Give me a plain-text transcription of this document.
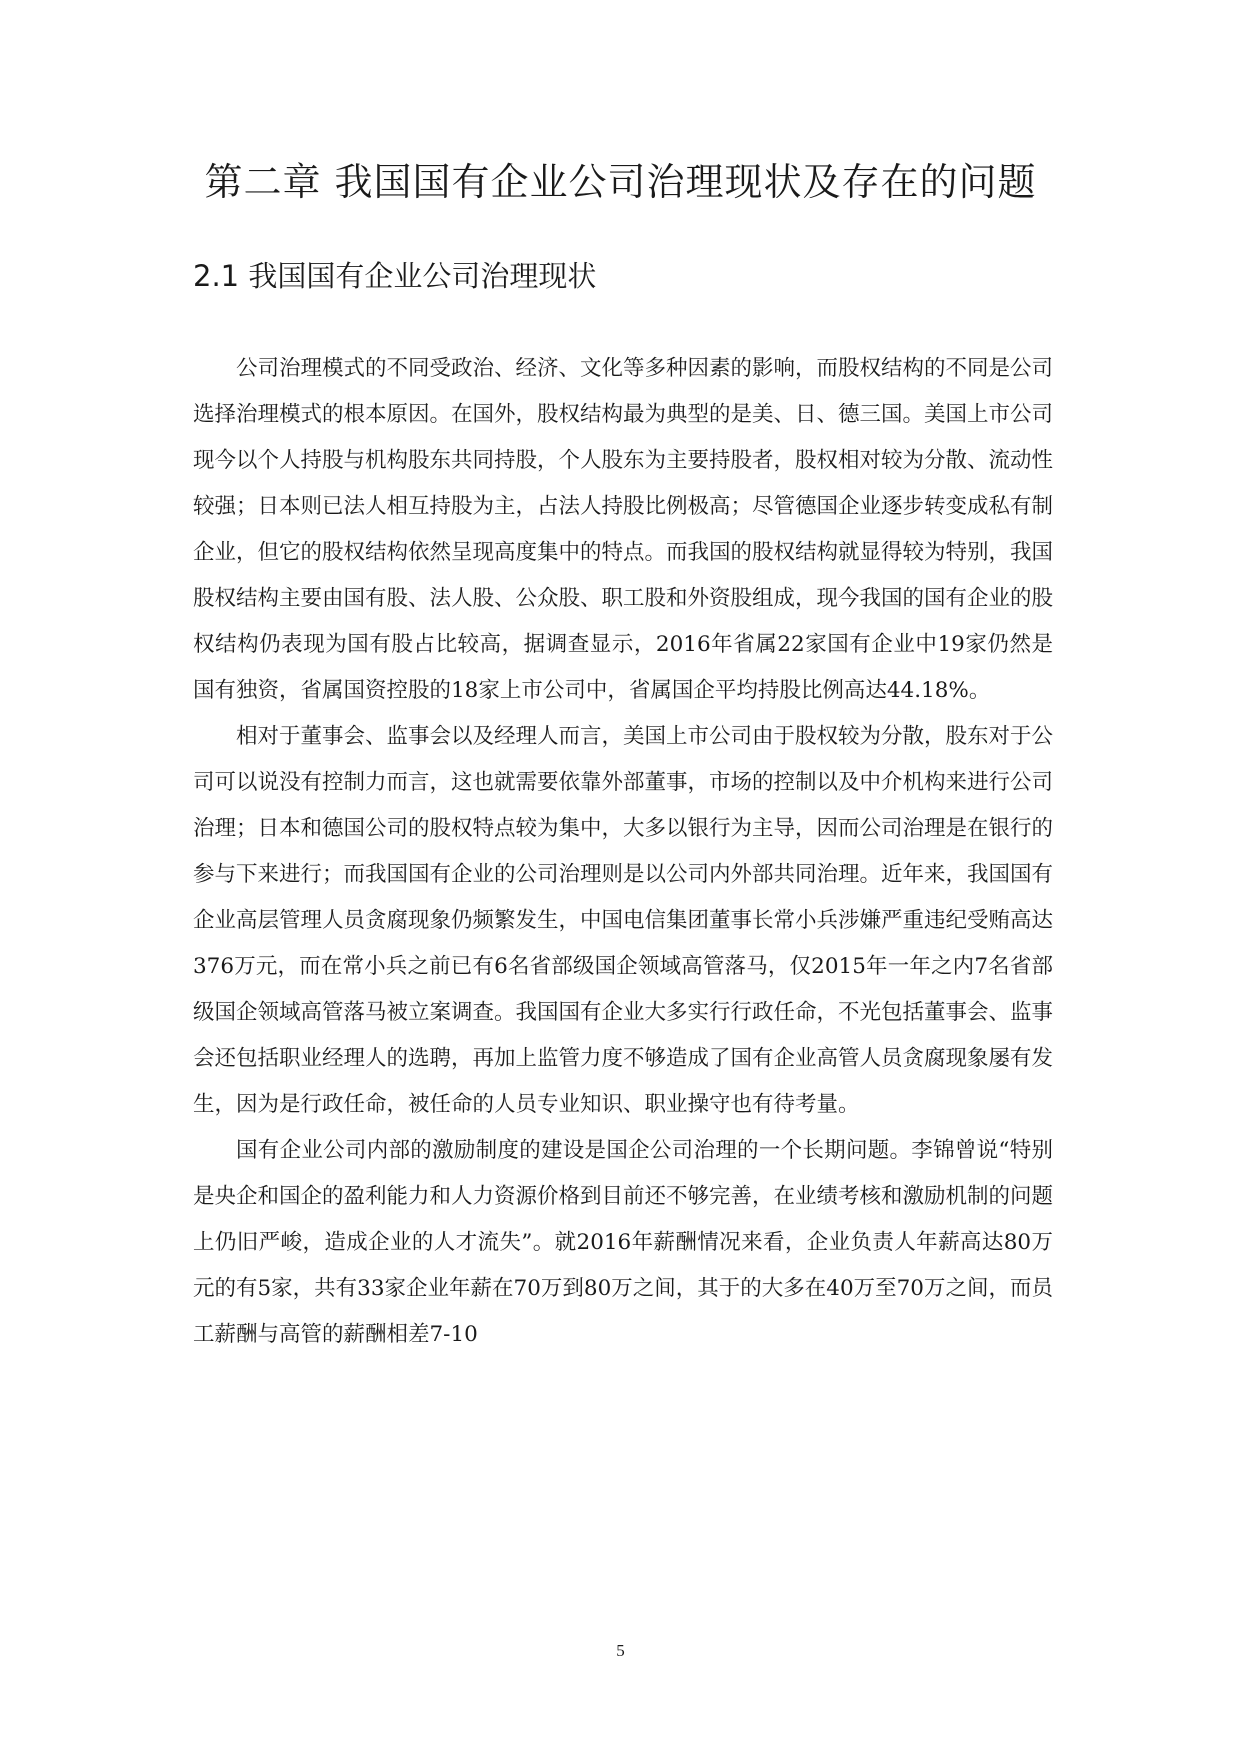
第二章 我国国有企业公司治理现状及存在的问题
2.1 我国国有企业公司治理现状

公司治理模式的不同受政治、经济、文化等多种因素的影响，而股权结构的不同是公司选择治理模式的根本原因。在国外，股权结构最为典型的是美、日、德三国。美国上市公司现今以个人持股与机构股东共同持股，个人股东为主要持股者，股权相对较为分散、流动性较强；日本则已法人相互持股为主，占法人持股比例极高；尽管德国企业逐步转变成私有制企业，但它的股权结构依然呈现高度集中的特点。而我国的股权结构就显得较为特别，我国股权结构主要由国有股、法人股、公众股、职工股和外资股组成，现今我国的国有企业的股权结构仍表现为国有股占比较高，据调查显示，2016年省属22家国有企业中19家仍然是国有独资，省属国资控股的18家上市公司中，省属国企平均持股比例高达44.18%。

相对于董事会、监事会以及经理人而言，美国上市公司由于股权较为分散，股东对于公司可以说没有控制力而言，这也就需要依靠外部董事，市场的控制以及中介机构来进行公司治理；日本和德国公司的股权特点较为集中，大多以银行为主导，因而公司治理是在银行的参与下来进行；而我国国有企业的公司治理则是以公司内外部共同治理。近年来，我国国有企业高层管理人员贪腐现象仍频繁发生，中国电信集团董事长常小兵涉嫌严重违纪受贿高达376万元，而在常小兵之前已有6名省部级国企领域高管落马，仅2015年一年之内7名省部级国企领域高管落马被立案调查。我国国有企业大多实行行政任命，不光包括董事会、监事会还包括职业经理人的选聘，再加上监管力度不够造成了国有企业高管人员贪腐现象屡有发生，因为是行政任命，被任命的人员专业知识、职业操守也有待考量。

国有企业公司内部的激励制度的建设是国企公司治理的一个长期问题。李锦曾说“特别是央企和国企的盈利能力和人力资源价格到目前还不够完善，在业绩考核和激励机制的问题上仍旧严峻，造成企业的人才流失”。就2016年薪酬情况来看，企业负责人年薪高达80万元的有5家，共有33家企业年薪在70万到80万之间，其于的大多在40万至70万之间，而员工薪酬与高管的薪酬相差7-10

5
